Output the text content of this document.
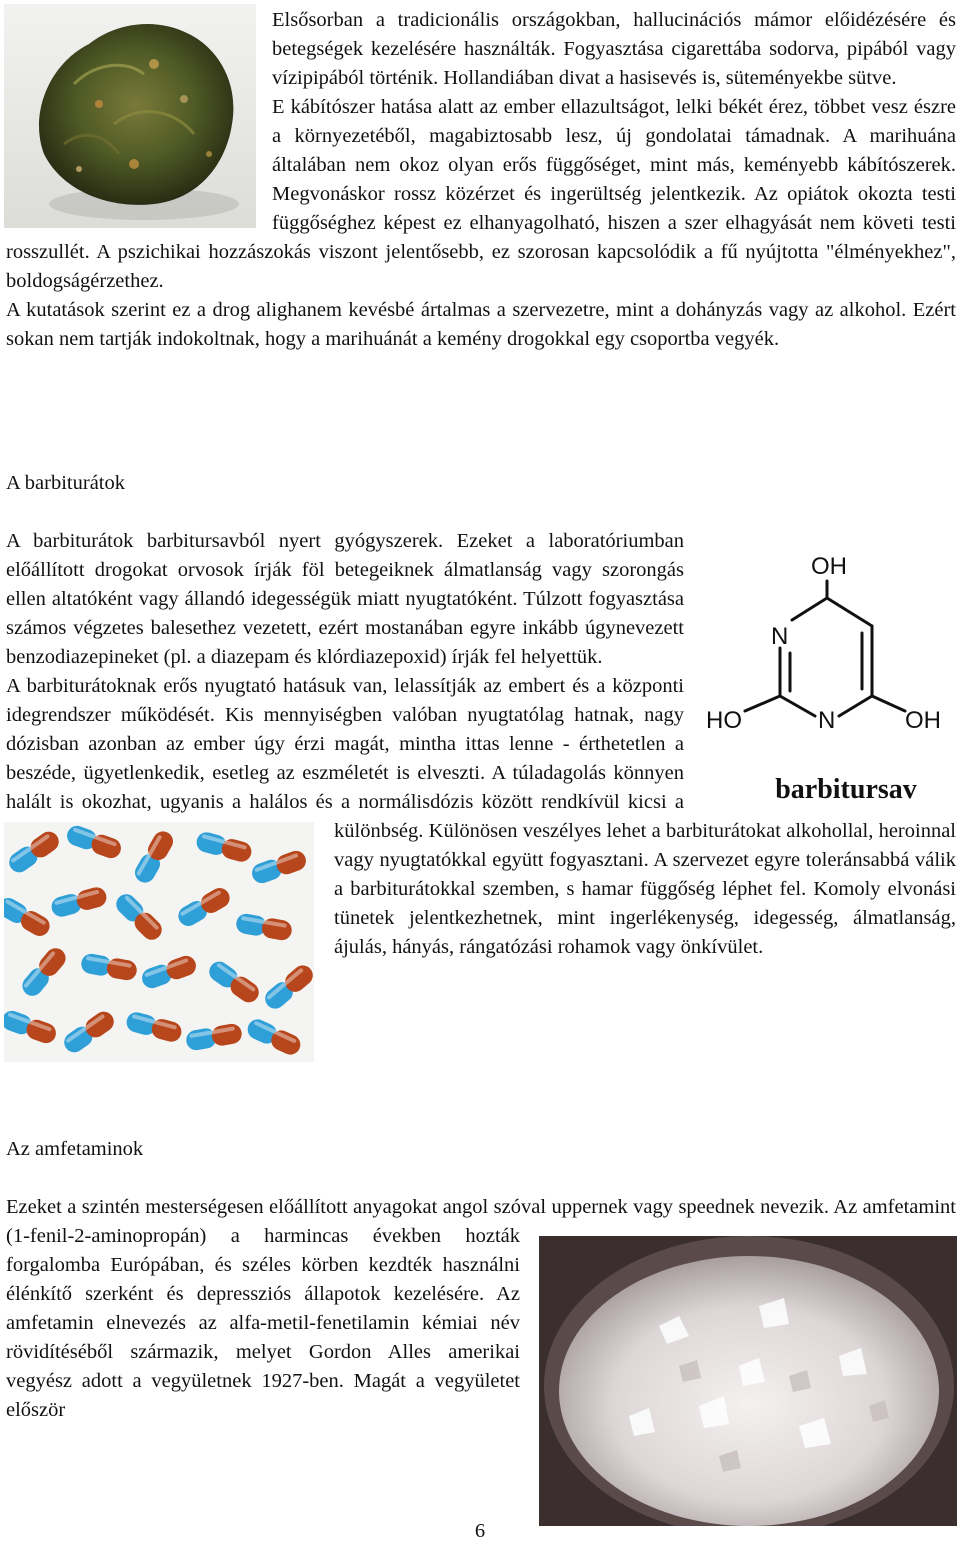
OH
N
N
HO	OH
barbitursav

Elsősorban a tradicionális országokban, hallucinációs mámor előidézésére és betegségek kezelésére használták. Fogyasztása cigarettába sodorva, pipából vagy vízipipából történik. Hollandiában divat a hasisevés is, süteményekbe sütve.

E kábítószer hatása alatt az ember ellazultságot, lelki békét érez, többet vesz észre a környezetéből, magabiztosabb lesz, új gondolatai támadnak. A marihuána általában nem okoz olyan erős függőséget, mint más, keményebb kábítószerek. Megvonáskor rossz közérzet és ingerültség jelentkezik. Az opiátok okozta testi függőséghez képest ez elhanyagolható, hiszen a szer elhagyását nem követi testi rosszullét. A pszichikai hozzászokás viszont jelentősebb, ez szorosan kapcsolódik a fű nyújtotta "élményekhez", boldogságérzethez.

A kutatások szerint ez a drog alighanem kevésbé ártalmas a szervezetre, mint a dohányzás vagy az alkohol. Ezért sokan nem tartják indokoltnak, hogy a marihuánát a kemény drogokkal egy csoportba vegyék.

A barbiturátok

A barbiturátok barbitursavból nyert gyógyszerek. Ezeket a laboratóriumban előállított drogokat orvosok írják föl betegeiknek álmatlanság vagy szorongás ellen altatóként vagy állandó idegességük miatt nyugtatóként. Túlzott fogyasztása számos végzetes balesethez vezetett, ezért mostanában egyre inkább úgynevezett benzodiazepineket (pl. a diazepam és klórdiazepoxid) írják fel helyettük.

A barbiturátoknak erős nyugtató hatásuk van, lelassítják az embert és a központi idegrendszer működését. Kis mennyiségben valóban nyugtatólag hatnak, nagy dózisban azonban az ember úgy érzi magát, mintha ittas lenne - érthetetlen a beszéde, ügyetlenkedik, esetleg az eszméletét is elveszti. A túladagolás könnyen halált is okozhat, ugyanis a halálos és a normálisdózis között rendkívül kicsi a különbség. Különösen veszélyes lehet a barbiturátokat alkohollal, heroinnal vagy nyugtatókkal együtt fogyasztani. A szervezet egyre toleránsabbá válik a barbiturátokkal szemben, s hamar függőség léphet fel. Komoly elvonási tünetek jelentkezhetnek, mint ingerlékenység, idegesség, álmatlanság, ájulás, hányás, rángatózási rohamok vagy önkívület.

Az amfetaminok

Ezeket a szintén mesterségesen előállított anyagokat angol szóval uppernek vagy speednek nevezik. Az amfetamint (1-fenil-2-aminopropán) a harmincas években hozták forgalomba Európában, és széles körben kezdték használni élénkítő szerként és depressziós állapotok kezelésére. Az amfetamin elnevezés az alfa-metil-fenetilamin kémiai név rövidítéséből származik, melyet Gordon Alles amerikai vegyész adott a vegyületnek 1927-ben. Magát a vegyületet először

6
